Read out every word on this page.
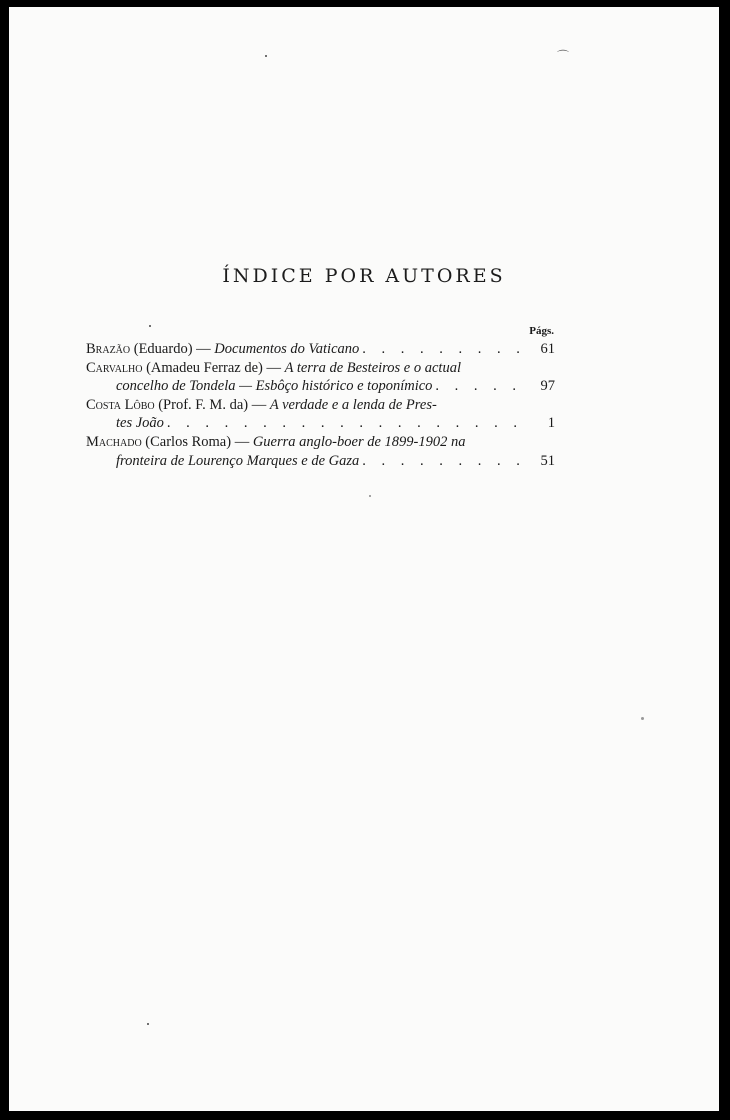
⌒
ÍNDICE POR AUTORES
Págs.
Brazão (Eduardo) — Documentos do Vaticano . . .	61
Carvalho (Amadeu Ferraz de) — A terra de Besteiros e o actual
concelho de Tondela — Esbôço histórico e toponímico . . .	97
Costa Lôbo (Prof. F. M. da) — A verdade e a lenda de Pres-
tes João . . .	1
Machado (Carlos Roma) — Guerra anglo-boer de 1899-1902 na
fronteira de Lourenço Marques e de Gaza . . .	51
